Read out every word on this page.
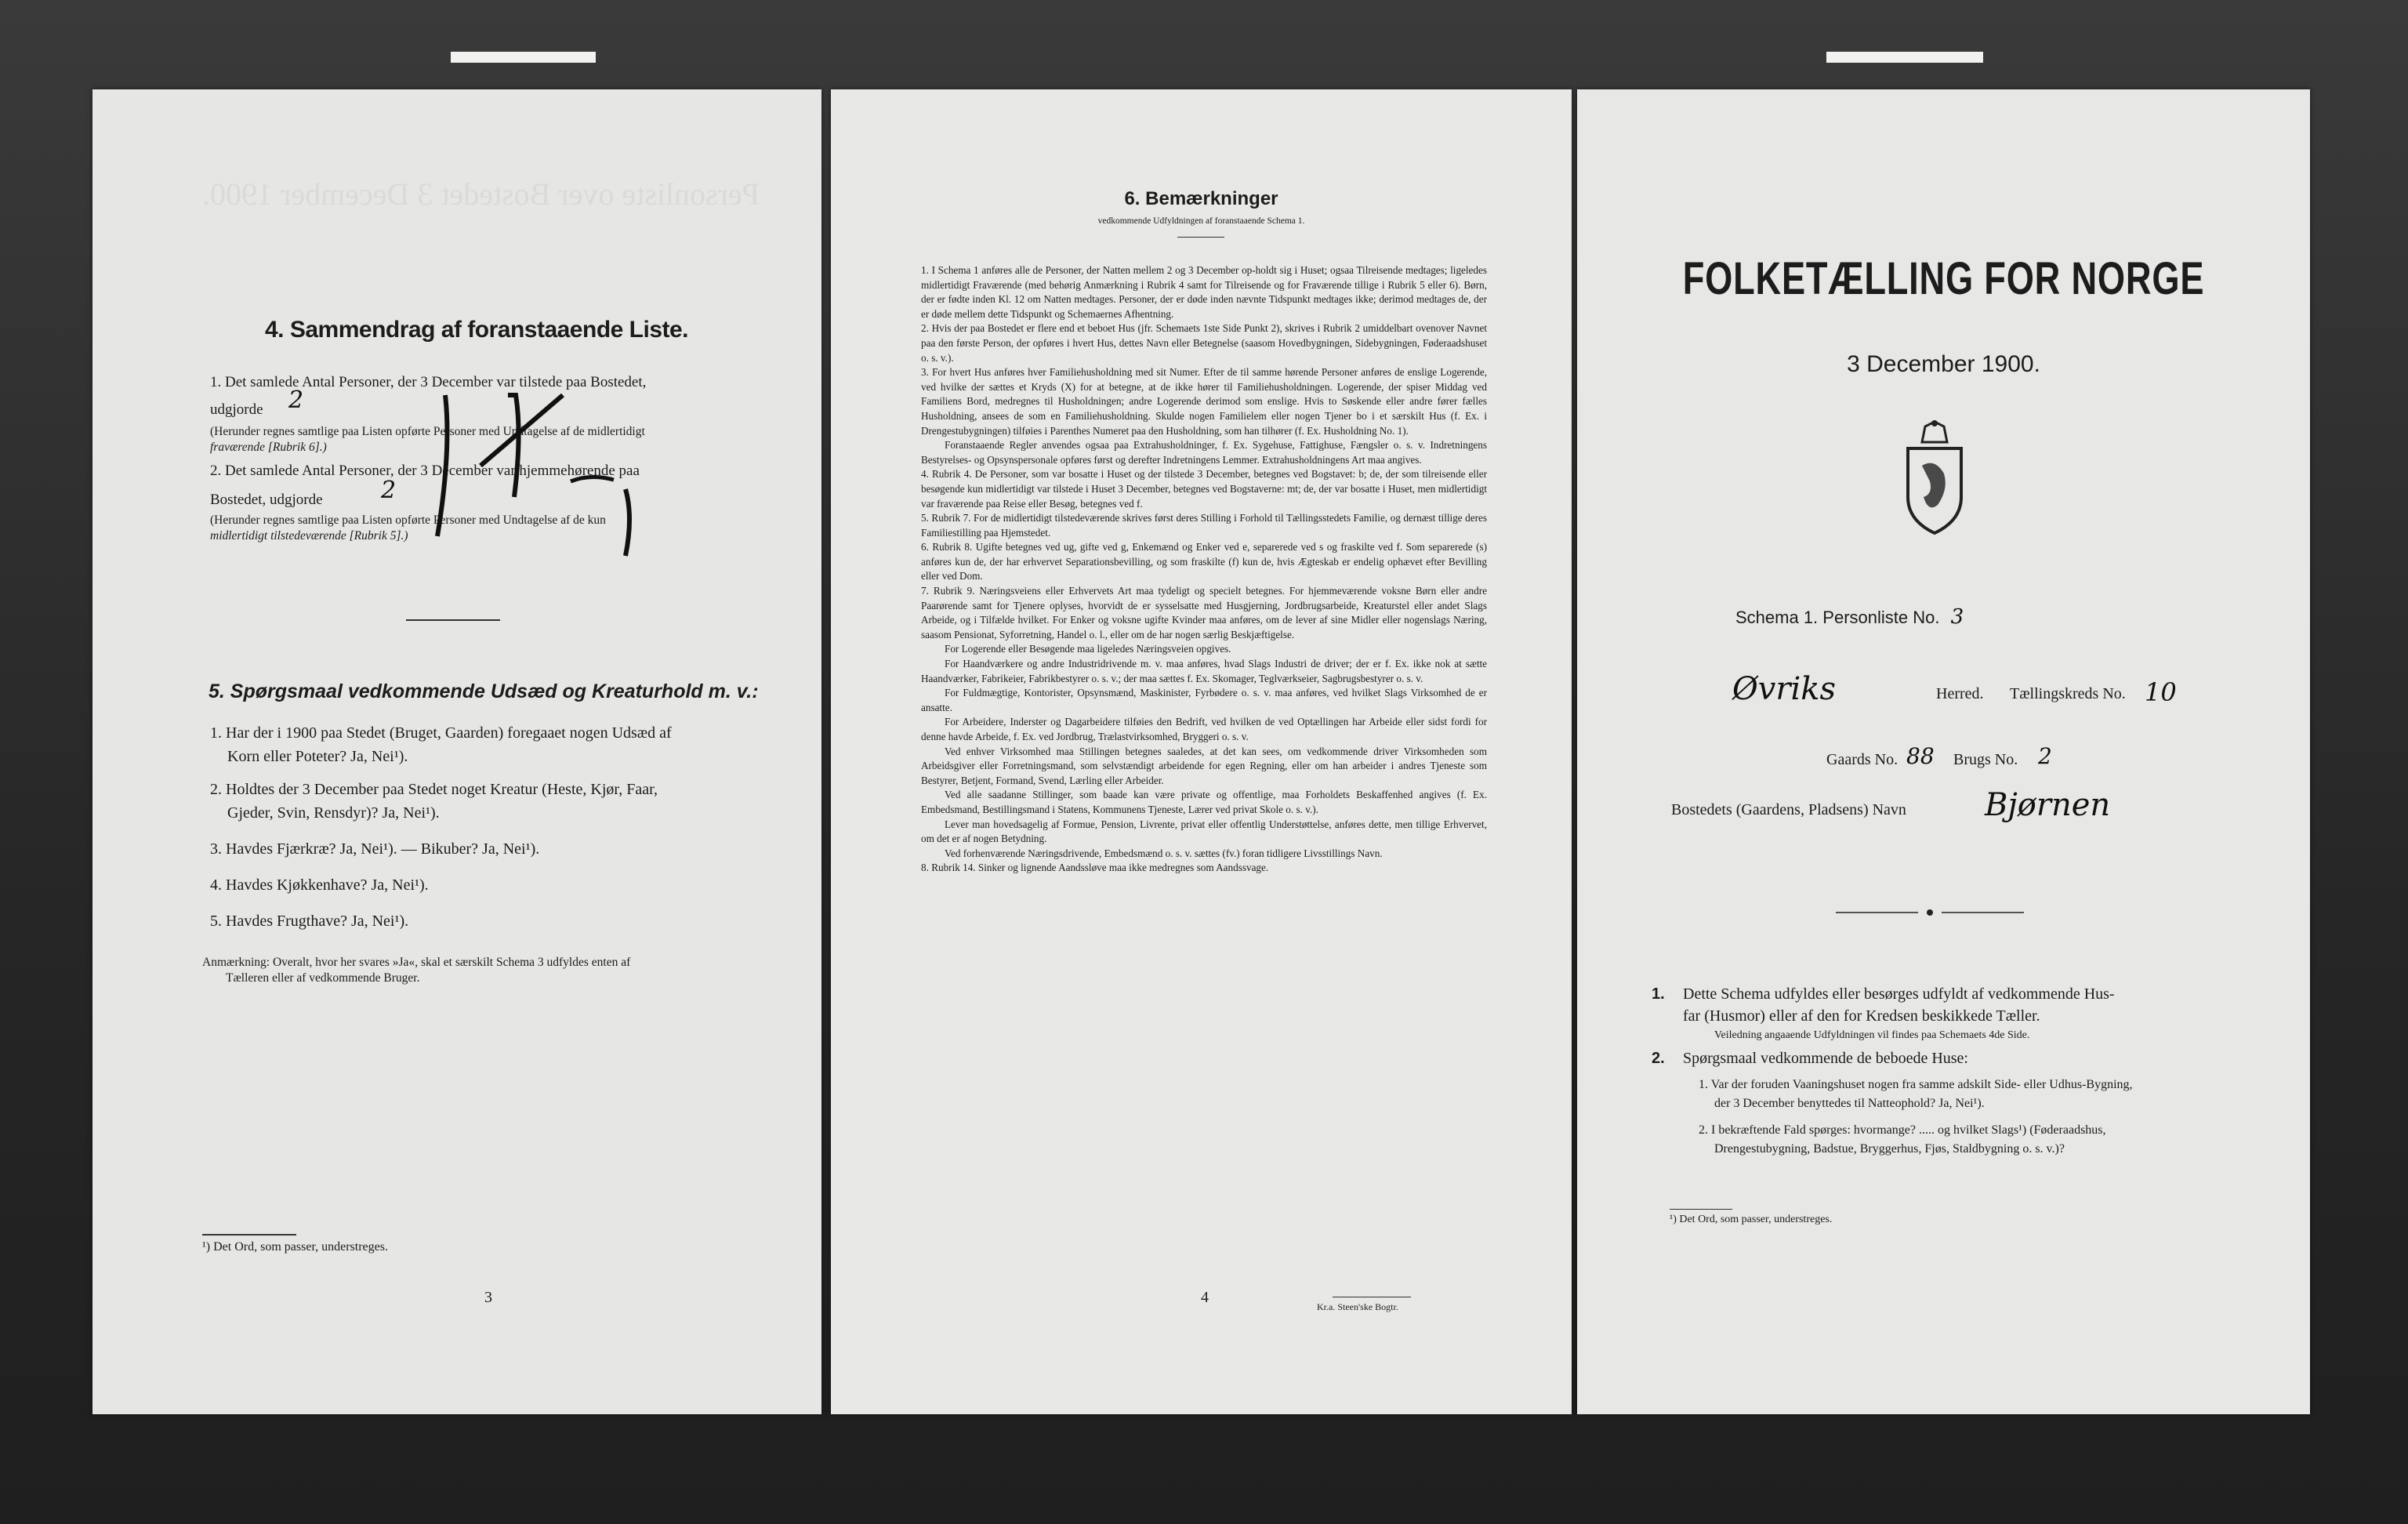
Personliste over Bostedet 3 December 1900.
4. Sammendrag af foranstaaende Liste.
1. Det samlede Antal Personer, der 3 December var tilstede paa Bostedet,
udgjorde 2
(Herunder regnes samtlige paa Listen opførte Personer med Undtagelse af de midlertidigt
fraværende [Rubrik 6].)
2. Det samlede Antal Personer, der 3 December var hjemmehørende paa
Bostedet, udgjorde 2
(Herunder regnes samtlige paa Listen opførte Personer med Undtagelse af de kun
midlertidigt tilstedeværende [Rubrik 5].)
5. Spørgsmaal vedkommende Udsæd og Kreaturhold m. v.:
1. Har der i 1900 paa Stedet (Bruget, Gaarden) foregaaet nogen Udsæd af
Korn eller Poteter? Ja, Nei¹).
2. Holdtes der 3 December paa Stedet noget Kreatur (Heste, Kjør, Faar,
Gjeder, Svin, Rensdyr)? Ja, Nei¹).
3. Havdes Fjærkræ? Ja, Nei¹). — Bikuber? Ja, Nei¹).
4. Havdes Kjøkkenhave? Ja, Nei¹).
5. Havdes Frugthave? Ja, Nei¹).
Anmærkning: Overalt, hvor her svares »Ja«, skal et særskilt Schema 3 udfyldes enten af
Tælleren eller af vedkommende Bruger.
¹) Det Ord, som passer, understreges.
3
6. Bemærkninger
vedkommende Udfyldningen af foranstaaende Schema 1.

1. I Schema 1 anføres alle de Personer, der Natten mellem 2 og 3 December op-holdt sig i Huset; ogsaa Tilreisende medtages; ligeledes midlertidigt Fraværende (med behørig Anmærkning i Rubrik 4 samt for Tilreisende og for Fraværende tillige i Rubrik 5 eller 6). Børn, der er fødte inden Kl. 12 om Natten medtages. Personer, der er døde inden nævnte Tidspunkt medtages ikke; derimod medtages de, der er døde mellem dette Tidspunkt og Schemaernes Afhentning.

2. Hvis der paa Bostedet er flere end et beboet Hus (jfr. Schemaets 1ste Side Punkt 2), skrives i Rubrik 2 umiddelbart ovenover Navnet paa den første Person, der opføres i hvert Hus, dettes Navn eller Betegnelse (saasom Hovedbygningen, Sidebygningen, Føderaadshuset o. s. v.).

3. For hvert Hus anføres hver Familiehusholdning med sit Numer. Efter de til samme hørende Personer anføres de enslige Logerende, ved hvilke der sættes et Kryds (X) for at betegne, at de ikke hører til Familiehusholdningen. Logerende, der spiser Middag ved Familiens Bord, medregnes til Husholdningen; andre Logerende derimod som enslige. Hvis to Søskende eller andre fører fælles Husholdning, ansees de som en Familiehusholdning. Skulde nogen Familielem eller nogen Tjener bo i et særskilt Hus (f. Ex. i Drengestubygningen) tilføies i Parenthes Numeret paa den Husholdning, som han tilhører (f. Ex. Husholdning No. 1).

Foranstaaende Regler anvendes ogsaa paa Extrahusholdninger, f. Ex. Sygehuse, Fattighuse, Fængsler o. s. v. Indretningens Bestyrelses- og Opsynspersonale opføres først og derefter Indretningens Lemmer. Extrahusholdningens Art maa angives.

4. Rubrik 4. De Personer, som var bosatte i Huset og der tilstede 3 December, betegnes ved Bogstavet: b; de, der som tilreisende eller besøgende kun midlertidigt var tilstede i Huset 3 December, betegnes ved Bogstaverne: mt; de, der var bosatte i Huset, men midlertidigt var fraværende paa Reise eller Besøg, betegnes ved f.

5. Rubrik 7. For de midlertidigt tilstedeværende skrives først deres Stilling i Forhold til Tællingsstedets Familie, og dernæst tillige deres Familiestilling paa Hjemstedet.

6. Rubrik 8. Ugifte betegnes ved ug, gifte ved g, Enkemænd og Enker ved e, separerede ved s og fraskilte ved f. Som separerede (s) anføres kun de, der har erhvervet Separationsbevilling, og som fraskilte (f) kun de, hvis Ægteskab er endelig ophævet efter Bevilling eller ved Dom.

7. Rubrik 9. Næringsveiens eller Erhvervets Art maa tydeligt og specielt betegnes. For hjemmeværende voksne Børn eller andre Paarørende samt for Tjenere oplyses, hvorvidt de er sysselsatte med Husgjerning, Jordbrugsarbeide, Kreaturstel eller andet Slags Arbeide, og i Tilfælde hvilket. For Enker og voksne ugifte Kvinder maa anføres, om de lever af sine Midler eller nogenslags Næring, saasom Pensionat, Syforretning, Handel o. l., eller om de har nogen særlig Beskjæftigelse.

For Logerende eller Besøgende maa ligeledes Næringsveien opgives.

For Haandværkere og andre Industridrivende m. v. maa anføres, hvad Slags Industri de driver; der er f. Ex. ikke nok at sætte Haandværker, Fabrikeier, Fabrikbestyrer o. s. v.; der maa sættes f. Ex. Skomager, Teglværkseier, Sagbrugsbestyrer o. s. v.

For Fuldmægtige, Kontorister, Opsynsmænd, Maskinister, Fyrbødere o. s. v. maa anføres, ved hvilket Slags Virksomhed de er ansatte.

For Arbeidere, Inderster og Dagarbeidere tilføies den Bedrift, ved hvilken de ved Optællingen har Arbeide eller sidst fordi for denne havde Arbeide, f. Ex. ved Jordbrug, Trælastvirksomhed, Bryggeri o. s. v.

Ved enhver Virksomhed maa Stillingen betegnes saaledes, at det kan sees, om vedkommende driver Virksomheden som Arbeidsgiver eller Forretningsmand, som selvstændigt arbeidende for egen Regning, eller om han arbeider i andres Tjeneste som Bestyrer, Betjent, Formand, Svend, Lærling eller Arbeider.

Ved alle saadanne Stillinger, som baade kan være private og offentlige, maa Forholdets Beskaffenhed angives (f. Ex. Embedsmand, Bestillingsmand i Statens, Kommunens Tjeneste, Lærer ved privat Skole o. s. v.).

Lever man hovedsagelig af Formue, Pension, Livrente, privat eller offentlig Understøttelse, anføres dette, men tillige Erhvervet, om det er af nogen Betydning.

Ved forhenværende Næringsdrivende, Embedsmænd o. s. v. sættes (fv.) foran tidligere Livsstillings Navn.

8. Rubrik 14. Sinker og lignende Aandssløve maa ikke medregnes som Aandssvage.

4
Kr.a. Steen'ske Bogtr.
FOLKETÆLLING FOR NORGE
3 December 1900.
Schema 1. Personliste No. 3
Øvriks	Herred. Tællingskreds No. 10
Gaards No. 88 Brugs No. 2
Bostedets (Gaardens, Pladsens) Navn	Bjørnen
1.	Dette Schema udfyldes eller besørges udfyldt af vedkommende Hus-
far (Husmor) eller af den for Kredsen beskikkede Tæller.
Veiledning angaaende Udfyldningen vil findes paa Schemaets 4de Side.
2.	Spørgsmaal vedkommende de beboede Huse:
1. Var der foruden Vaaningshuset nogen fra samme adskilt Side- eller Udhus-Bygning,
der 3 December benyttedes til Natteophold? Ja, Nei¹).
2. I bekræftende Fald spørges: hvormange? ..... og hvilket Slags¹) (Føderaadshus,
Drengestubygning, Badstue, Bryggerhus, Fjøs, Staldbygning o. s. v.)?
¹) Det Ord, som passer, understreges.
